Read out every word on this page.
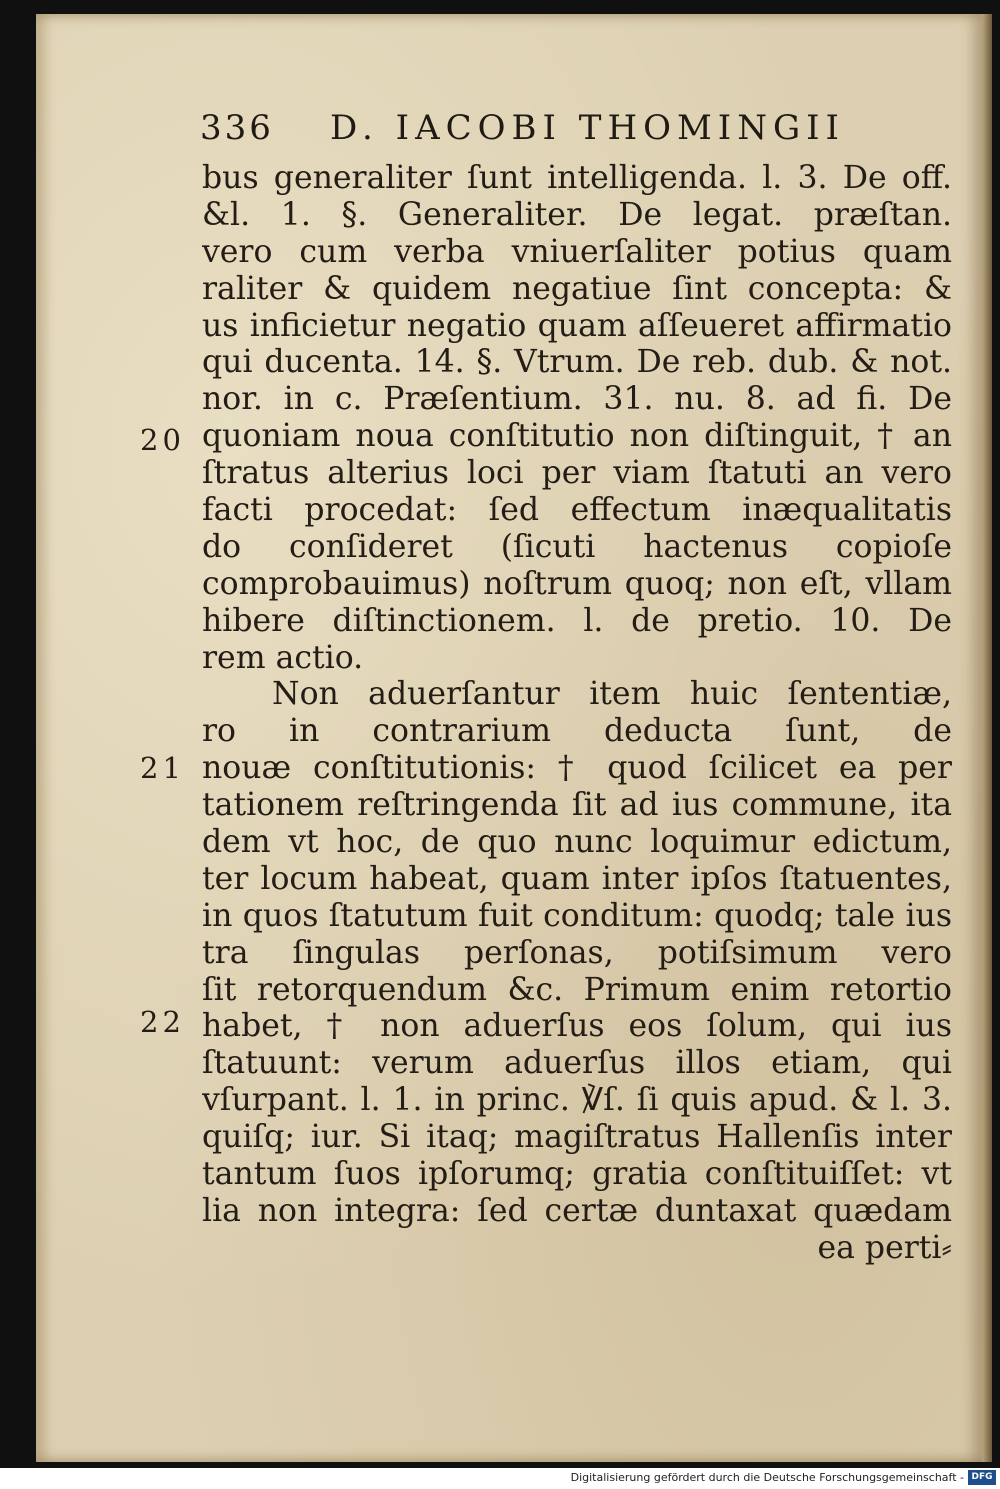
336 D. IACOBI THOMINGII
20
21
22
bus generaliter ſunt intelligenda. l. 3. De off.
&l. 1. §. Generaliter. De legat. præſtan.
vero cum verba vniuerſaliter potius quam
raliter & quidem negatiue ſint concepta: &
us inficietur negatio quam aſſeueret affirmatio
qui ducenta. 14. §. Vtrum. De reb. dub. & not.
nor. in c. Præſentium. 31. nu. 8. ad fi. De
quoniam noua conſtitutio non diſtinguit, † an
ſtratus alterius loci per viam ſtatuti an vero
facti procedat: ſed effectum inæqualitatis
do conſideret (ſicuti hactenus copioſe
comprobauimus) noſtrum quoq; non eſt, vllam
hibere diſtinctionem. l. de pretio. 10. De
rem actio.
Non aduerſantur item huic ſententiæ,
ro in contrarium deducta ſunt, de
nouæ conſtitutionis: † quod ſcilicet ea per
tationem reſtringenda ſit ad ius commune, ita
dem vt hoc, de quo nunc loquimur edictum,
ter locum habeat, quam inter ipſos ſtatuentes,
in quos ſtatutum fuit conditum: quodq; tale ius
tra ſingulas perſonas, potiſsimum vero
ſit retorquendum &c. Primum enim retortio
habet, † non aduerſus eos ſolum, qui ius
ſtatuunt: verum aduerſus illos etiam, qui
vſurpant. l. 1. in princ. ℣ſ. ſi quis apud. & l. 3.
quiſq; iur. Si itaq; magiſtratus Hallenſis inter
tantum ſuos ipſorumq; gratia conſtituiſſet: vt
lia non integra: ſed certæ duntaxat quædam
ea perti⸗
Digitalisierung gefördert durch die Deutsche Forschungsgemeinschaft - DFG
